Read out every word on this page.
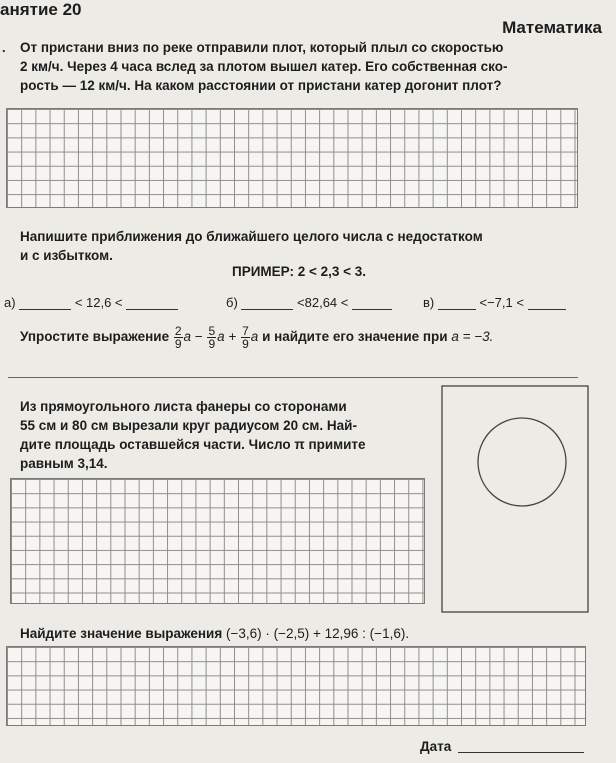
анятие 20
Математика
. От пристани вниз по реке отправили плот, который плыл со скоростью
2 км/ч. Через 4 часа вслед за плотом вышел катер. Его собственная ско-
рость — 12 км/ч. На каком расстоянии от пристани катер догонит плот?
Напишите приближения до ближайшего целого числа с недостатком
и с избытком.
ПРИМЕР: 2 < 2,3 < 3.
а)	< 12,6 <	б)	<82,64 <	в)	<−7,1 <
Упростите выражение $\frac{2}{9}$ $a - \frac{5}{9}$ $a + \frac{7}{9}$ a и найдите его значение при a = −3.
Из прямоугольного листа фанеры со сторонами
55 см и 80 см вырезали круг радиусом 20 см. Най-
дите площадь оставшейся части. Число π примите
равным 3,14.
Найдите значение выражения (−3,6) · (−2,5) + 12,96 : (−1,6).
Дата
